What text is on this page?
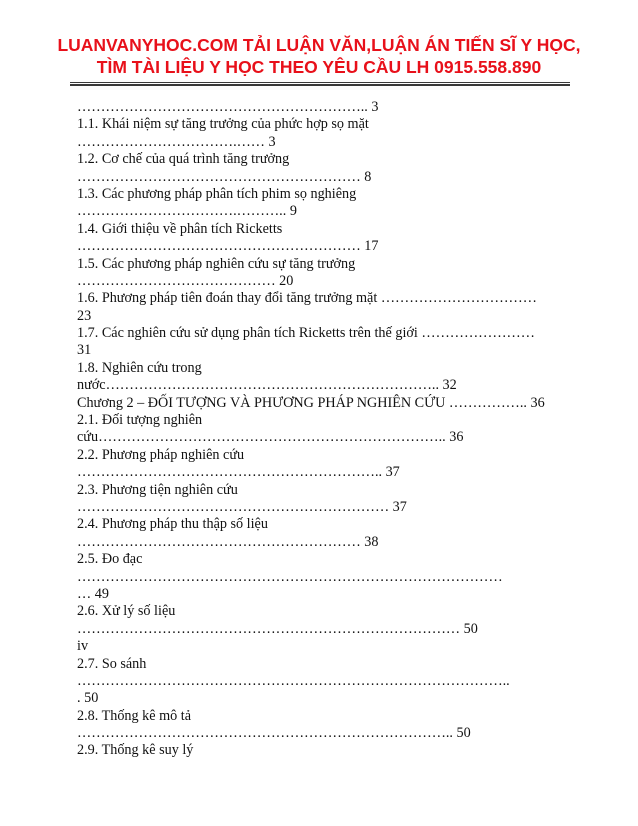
LUANVANYHOC.COM TẢI LUẬN VĂN,LUẬN ÁN TIẾN SĨ Y HỌC,
TÌM TÀI LIỆU Y HỌC THEO YÊU CẦU LH 0915.558.890
…………………………………………………….. 3
1.1. Khái niệm sự tăng trưởng của phức hợp sọ mặt
…………………………….…… 3
1.2. Cơ chế của quá trình tăng trưởng
…………………………………………………… 8
1.3. Các phương pháp phân tích phim sọ nghiêng
…………………………….……….. 9
1.4. Giới thiệu về phân tích Ricketts
…………………………………………………… 17
1.5. Các phương pháp nghiên cứu sự tăng trưởng
…………………………………… 20
1.6. Phương pháp tiên đoán thay đổi tăng trưởng mặt ……………………………
23
1.7. Các nghiên cứu sử dụng phân tích Ricketts trên thế giới ……………………
31
1.8. Nghiên cứu trong
nước…………………………………………………………….. 32
Chương 2 – ĐỐI TƯỢNG VÀ PHƯƠNG PHÁP NGHIÊN CỨU …………….. 36
2.1. Đối tượng nghiên
cứu……………………………………………………………….. 36
2.2. Phương pháp nghiên cứu
……………………………………………………….. 37
2.3. Phương tiện nghiên cứu
………………………………………………………… 37
2.4. Phương pháp thu thập số liệu
…………………………………………………… 38
2.5. Đo đạc
………………………………………………………………………………
… 49
2.6. Xử lý số liệu
……………………………………………………………………… 50
iv
2.7. So sánh
………………………………………………………………………………..
. 50
2.8. Thống kê mô tả
…………………………………………………………………….. 50
2.9. Thống kê suy lý
